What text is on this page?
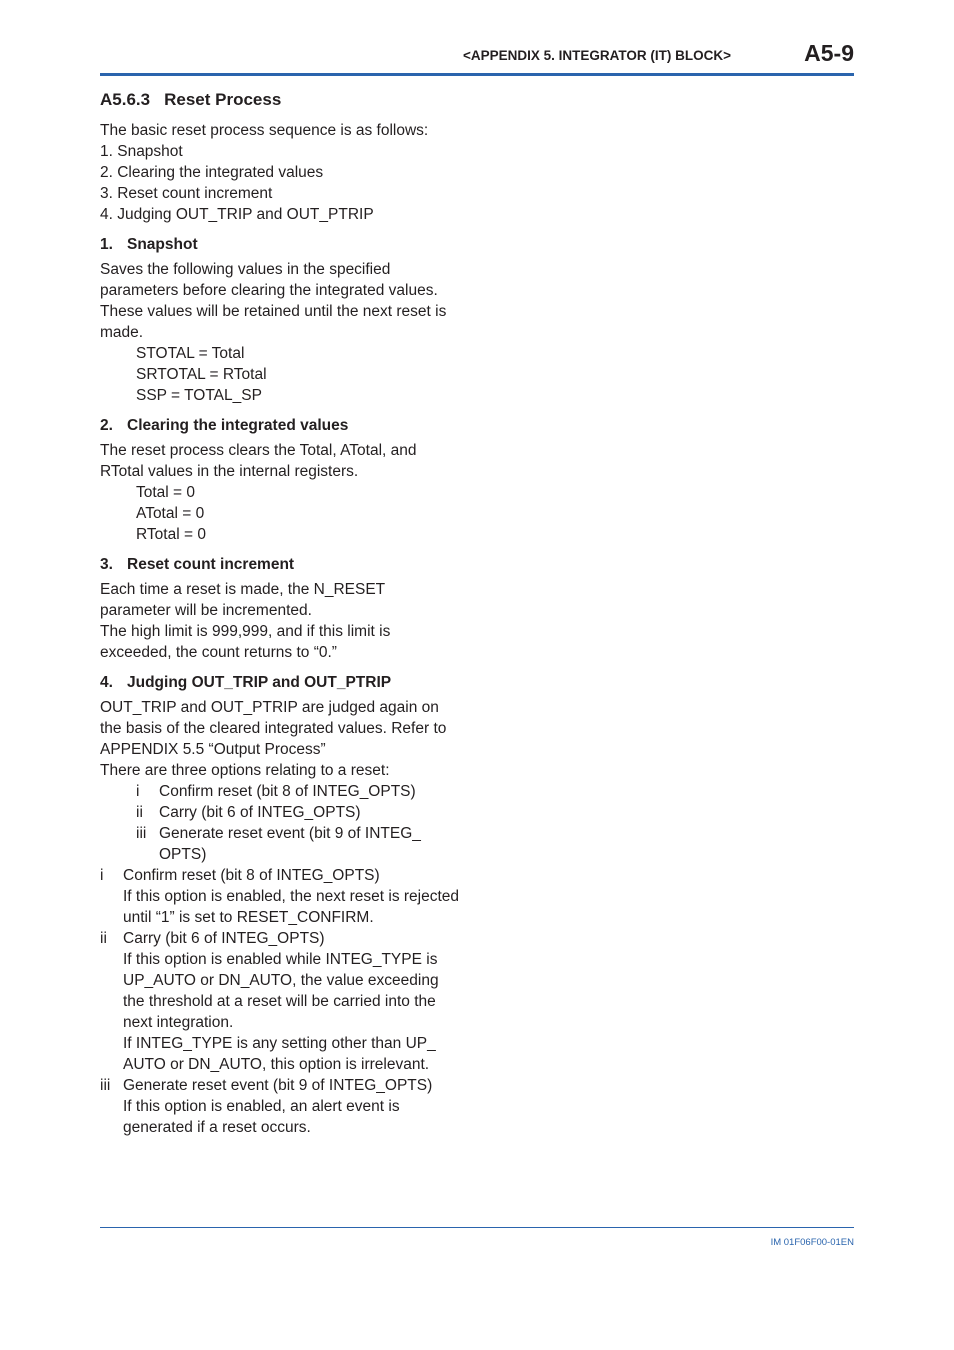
<APPENDIX 5. INTEGRATOR (IT) BLOCK>	A5-9
A5.6.3 Reset Process

The basic reset process sequence is as follows:

1. Snapshot

2. Clearing the integrated values

3. Reset count increment

4. Judging OUT_TRIP and OUT_PTRIP

1. Snapshot

Saves the following values in the specified

parameters before clearing the integrated values.

These values will be retained until the next reset is

made.

STOTAL = Total

SRTOTAL = RTotal

SSP = TOTAL_SP

2. Clearing the integrated values

The reset process clears the Total, ATotal, and

RTotal values in the internal registers.

Total = 0

ATotal = 0

RTotal = 0

3. Reset count increment

Each time a reset is made, the N_RESET

parameter will be incremented.

The high limit is 999,999, and if this limit is

exceeded, the count returns to “0.”

4. Judging OUT_TRIP and OUT_PTRIP

OUT_TRIP and OUT_PTRIP are judged again on

the basis of the cleared integrated values. Refer to

APPENDIX 5.5 “Output Process”

There are three options relating to a reset:

i Confirm reset (bit 8 of INTEG_OPTS)
ii Carry (bit 6 of INTEG_OPTS)
iii Generate reset event (bit 9 of INTEG_
OPTS)
i Confirm reset (bit 8 of INTEG_OPTS)
If this option is enabled, the next reset is rejected
until “1” is set to RESET_CONFIRM.
ii Carry (bit 6 of INTEG_OPTS)
If this option is enabled while INTEG_TYPE is
UP_AUTO or DN_AUTO, the value exceeding
the threshold at a reset will be carried into the
next integration.
If INTEG_TYPE is any setting other than UP_
AUTO or DN_AUTO, this option is irrelevant.
iii Generate reset event (bit 9 of INTEG_OPTS)
If this option is enabled, an alert event is
generated if a reset occurs.
IM 01F06F00-01EN
